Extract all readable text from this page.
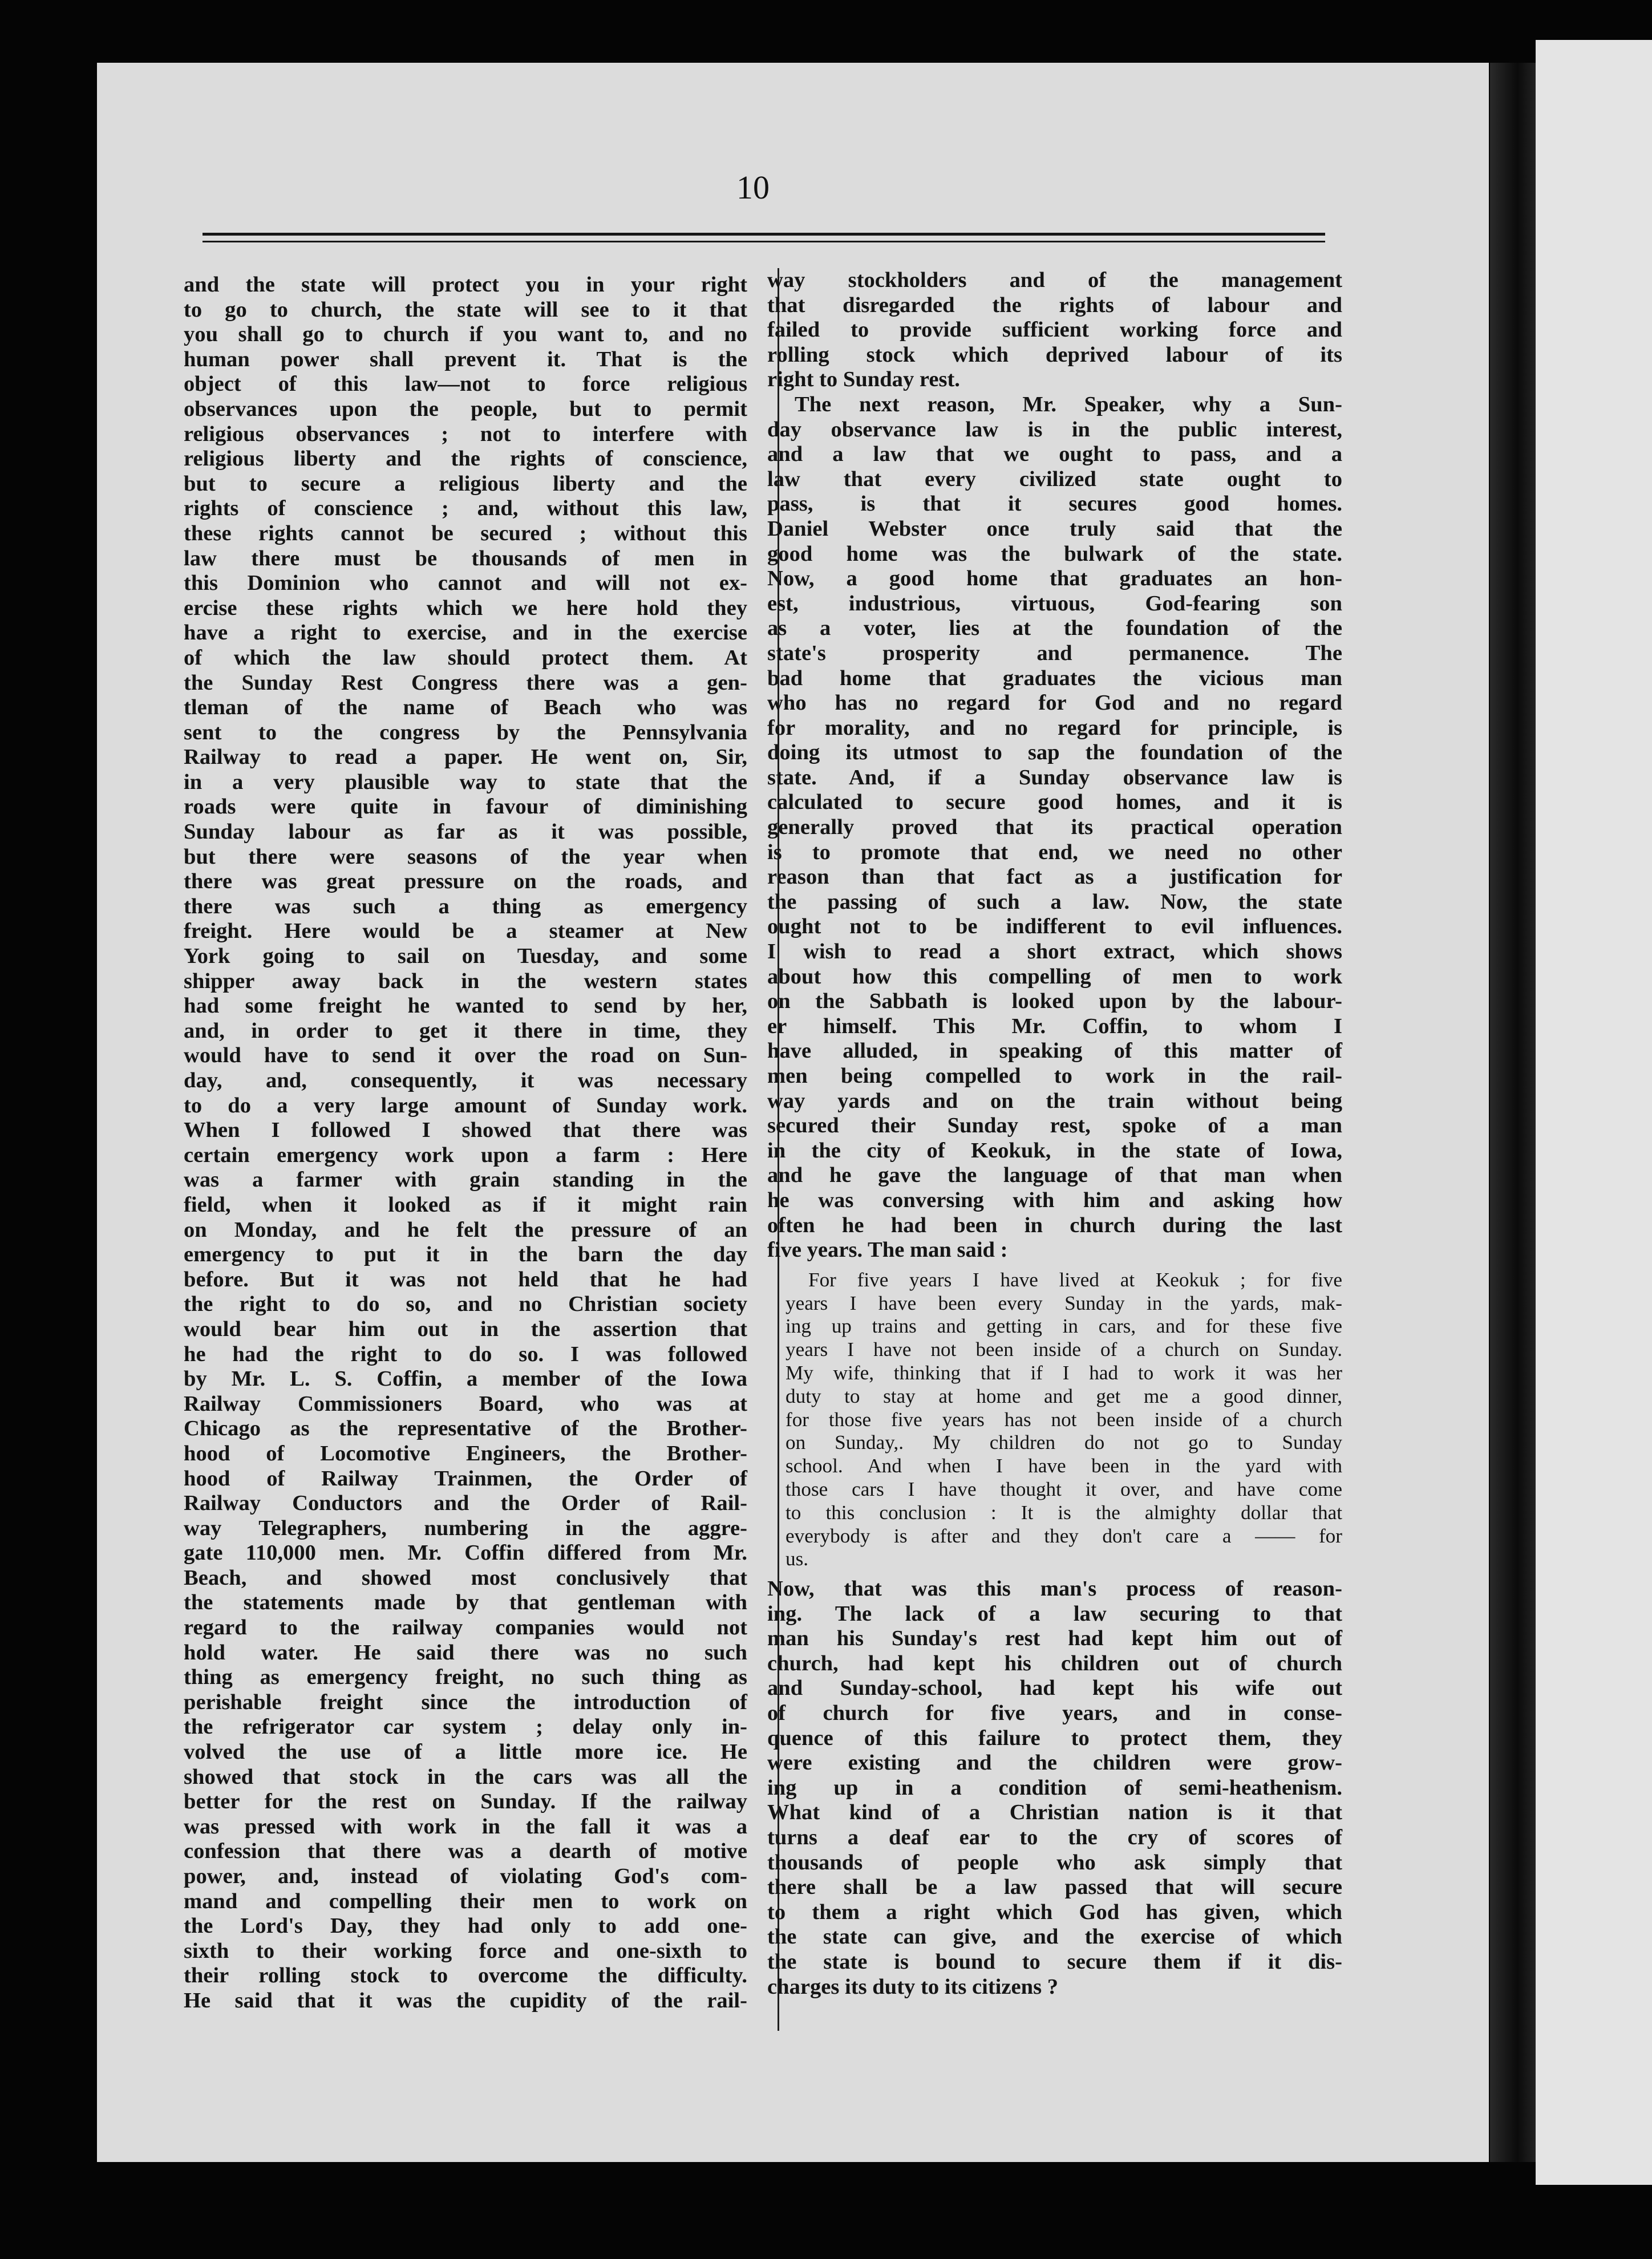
10
and the state will protect you in your right
to go to church, the state will see to it that
you shall go to church if you want to, and no
human power shall prevent it. That is the
object of this law—not to force religious
observances upon the people, but to permit
religious observances ; not to interfere with
religious liberty and the rights of conscience,
but to secure a religious liberty and the
rights of conscience ; and, without this law,
these rights cannot be secured ; without this
law there must be thousands of men in
this Dominion who cannot and will not ex-
ercise these rights which we here hold they
have a right to exercise, and in the exercise
of which the law should protect them. At
the Sunday Rest Congress there was a gen-
tleman of the name of Beach who was
sent to the congress by the Pennsylvania
Railway to read a paper. He went on, Sir,
in a very plausible way to state that the
roads were quite in favour of diminishing
Sunday labour as far as it was possible,
but there were seasons of the year when
there was great pressure on the roads, and
there was such a thing as emergency
freight. Here would be a steamer at New
York going to sail on Tuesday, and some
shipper away back in the western states
had some freight he wanted to send by her,
and, in order to get it there in time, they
would have to send it over the road on Sun-
day, and, consequently, it was necessary
to do a very large amount of Sunday work.
When I followed I showed that there was
certain emergency work upon a farm : Here
was a farmer with grain standing in the
field, when it looked as if it might rain
on Monday, and he felt the pressure of an
emergency to put it in the barn the day
before. But it was not held that he had
the right to do so, and no Christian society
would bear him out in the assertion that
he had the right to do so. I was followed
by Mr. L. S. Coffin, a member of the Iowa
Railway Commissioners Board, who was at
Chicago as the representative of the Brother-
hood of Locomotive Engineers, the Brother-
hood of Railway Trainmen, the Order of
Railway Conductors and the Order of Rail-
way Telegraphers, numbering in the aggre-
gate 110,000 men. Mr. Coffin differed from Mr.
Beach, and showed most conclusively that
the statements made by that gentleman with
regard to the railway companies would not
hold water. He said there was no such
thing as emergency freight, no such thing as
perishable freight since the introduction of
the refrigerator car system ; delay only in-
volved the use of a little more ice. He
showed that stock in the cars was all the
better for the rest on Sunday. If the railway
was pressed with work in the fall it was a
confession that there was a dearth of motive
power, and, instead of violating God's com-
mand and compelling their men to work on
the Lord's Day, they had only to add one-
sixth to their working force and one-sixth to
their rolling stock to overcome the difficulty.
He said that it was the cupidity of the rail-
way stockholders and of the management
that disregarded the rights of labour and
failed to provide sufficient working force and
rolling stock which deprived labour of its
right to Sunday rest.
The next reason, Mr. Speaker, why a Sun-
day observance law is in the public interest,
and a law that we ought to pass, and a
law that every civilized state ought to
pass, is that it secures good homes.
Daniel Webster once truly said that the
good home was the bulwark of the state.
Now, a good home that graduates an hon-
est, industrious, virtuous, God-fearing son
as a voter, lies at the foundation of the
state's prosperity and permanence. The
bad home that graduates the vicious man
who has no regard for God and no regard
for morality, and no regard for principle, is
doing its utmost to sap the foundation of the
state. And, if a Sunday observance law is
calculated to secure good homes, and it is
generally proved that its practical operation
is to promote that end, we need no other
reason than that fact as a justification for
the passing of such a law. Now, the state
ought not to be indifferent to evil influences.
I wish to read a short extract, which shows
about how this compelling of men to work
on the Sabbath is looked upon by the labour-
er himself. This Mr. Coffin, to whom I
have alluded, in speaking of this matter of
men being compelled to work in the rail-
way yards and on the train without being
secured their Sunday rest, spoke of a man
in the city of Keokuk, in the state of Iowa,
and he gave the language of that man when
he was conversing with him and asking how
often he had been in church during the last
five years. The man said :
For five years I have lived at Keokuk ; for five
years I have been every Sunday in the yards, mak-
ing up trains and getting in cars, and for these five
years I have not been inside of a church on Sunday.
My wife, thinking that if I had to work it was her
duty to stay at home and get me a good dinner,
for those five years has not been inside of a church
on Sunday,. My children do not go to Sunday
school. And when I have been in the yard with
those cars I have thought it over, and have come
to this conclusion : It is the almighty dollar that
everybody is after and they don't care a —— for
us.
Now, that was this man's process of reason-
ing. The lack of a law securing to that
man his Sunday's rest had kept him out of
church, had kept his children out of church
and Sunday-school, had kept his wife out
of church for five years, and in conse-
quence of this failure to protect them, they
were existing and the children were grow-
ing up in a condition of semi-heathenism.
What kind of a Christian nation is it that
turns a deaf ear to the cry of scores of
thousands of people who ask simply that
there shall be a law passed that will secure
to them a right which God has given, which
the state can give, and the exercise of which
the state is bound to secure them if it dis-
charges its duty to its citizens ?
